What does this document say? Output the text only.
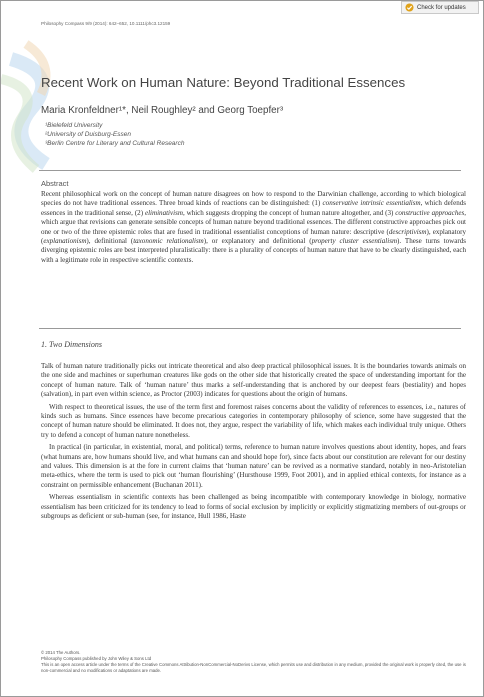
Check for updates
Philosophy Compass 9/9 (2014): 642–652, 10.1111/phc3.12159
Recent Work on Human Nature: Beyond Traditional Essences
Maria Kronfeldner¹*, Neil Roughley² and Georg Toepfer³
¹Bielefeld University
²University of Duisburg-Essen
³Berlin Centre for Literary and Cultural Research
Abstract
Recent philosophical work on the concept of human nature disagrees on how to respond to the Darwinian challenge, according to which biological species do not have traditional essences. Three broad kinds of reactions can be distinguished: (1) conservative intrinsic essentialism, which defends essences in the traditional sense, (2) eliminativism, which suggests dropping the concept of human nature altogether, and (3) constructive approaches, which argue that revisions can generate sensible concepts of human nature beyond traditional essences. The different constructive approaches pick out one or two of the three epistemic roles that are fused in traditional essentialist conceptions of human nature: descriptive (descriptivism), explanatory (explanationism), definitional (taxonomic relationalism), or explanatory and definitional (property cluster essentialism). These turns towards diverging epistemic roles are best interpreted pluralistically: there is a plurality of concepts of human nature that have to be clearly distinguished, each with a legitimate role in respective scientific contexts.
1. Two Dimensions

Talk of human nature traditionally picks out intricate theoretical and also deep practical philosophical issues. It is the boundaries towards animals on the one side and machines or superhuman creatures like gods on the other side that historically created the space of understanding important for the concept of human nature. Talk of ‘human nature’ thus marks a self-understanding that is anchored by our deepest fears (bestiality) and hopes (salvation), in part even within science, as Proctor (2003) indicates for questions about the origin of humans.

With respect to theoretical issues, the use of the term first and foremost raises concerns about the validity of references to essences, i.e., natures of kinds such as humans. Since essences have become precarious categories in contemporary philosophy of science, some have suggested that the concept of human nature should be eliminated. It does not, they argue, respect the variability of life, which makes each individual truly unique. Others try to defend a concept of human nature nonetheless.

In practical (in particular, in existential, moral, and political) terms, reference to human nature involves questions about identity, hopes, and fears (what humans are, how humans should live, and what humans can and should hope for), since facts about our constitution are relevant for our destiny and values. This dimension is at the fore in current claims that ‘human nature’ can be revived as a normative standard, notably in neo-Aristotelian meta-ethics, where the term is used to pick out ‘human flourishing’ (Hursthouse 1999, Foot 2001), and in applied ethical contexts, for instance as a constraint on permissible enhancement (Buchanan 2011).

Whereas essentialism in scientific contexts has been challenged as being incompatible with contemporary knowledge in biology, normative essentialism has been criticized for its tendency to lead to forms of social exclusion by implicitly or explicitly stigmatizing members of out-groups or subgroups as deficient or sub-human (see, for instance, Hull 1986, Haste

© 2014 The Authors.
Philosophy Compass published by John Wiley & Sons Ltd
This is an open access article under the terms of the Creative Commons Attribution-NonCommercial-NoDerivs License, which permits use and distribution in any medium, provided the original work is properly cited, the use is non-commercial and no modifications or adaptations are made.
